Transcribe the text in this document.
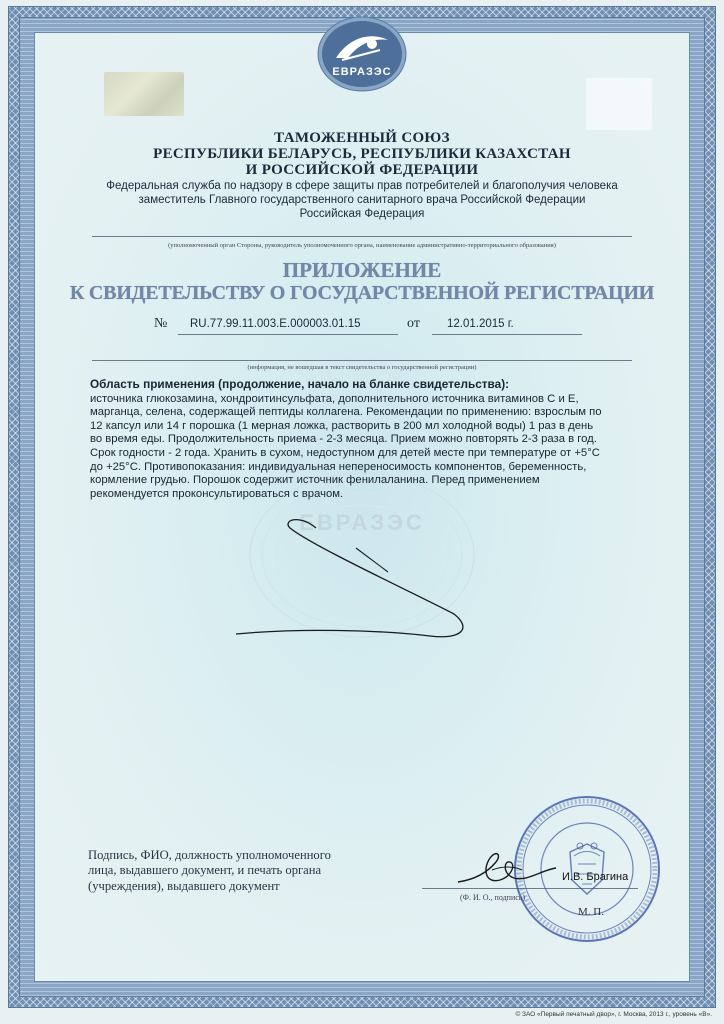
ЕВРАЗЭС
ТАМОЖЕННЫЙ СОЮЗ
РЕСПУБЛИКИ БЕЛАРУСЬ, РЕСПУБЛИКИ КАЗАХСТАН
И РОССИЙСКОЙ ФЕДЕРАЦИИ
Федеральная служба по надзору в сфере защиты прав потребителей и благополучия человека
заместитель Главного государственного санитарного врача Российской Федерации
Российская Федерация
(уполномоченный орган Стороны, руководитель уполномоченного органа, наименование административно-территориального образования)
ПРИЛОЖЕНИЕ
К СВИДЕТЕЛЬСТВУ О ГОСУДАРСТВЕННОЙ РЕГИСТРАЦИИ
№ RU.77.99.11.003.E.000003.01.15	от 12.01.2015 г.
(информация, не вошедшая в текст свидетельства о государственной регистрации)
ЕВРАЗЭС
Область применения (продолжение, начало на бланке свидетельства):
источника глюкозамина, хондроитинсульфата, дополнительного источника витаминов С и Е,
марганца, селена, содержащей пептиды коллагена. Рекомендации по применению: взрослым по
12 капсул или 14 г порошка (1 мерная ложка, растворить в 200 мл холодной воды) 1 раз в день
во время еды. Продолжительность приема - 2-3 месяца. Прием можно повторять 2-3 раза в год.
Срок годности - 2 года. Хранить в сухом, недоступном для детей месте при температуре от +5°С
до +25°С. Противопоказания: индивидуальная непереносимость компонентов, беременность,
кормление грудью. Порошок содержит источник фенилаланина. Перед применением
рекомендуется проконсультироваться с врачом.
Подпись, ФИО, должность уполномоченного
лица, выдавшего документ, и печать органа
(учреждения), выдавшего документ
И.В. Брагина
(Ф. И. О., подпись)
М. П.
© ЗАО «Первый печатный двор», г. Москва, 2013 г., уровень «В».
